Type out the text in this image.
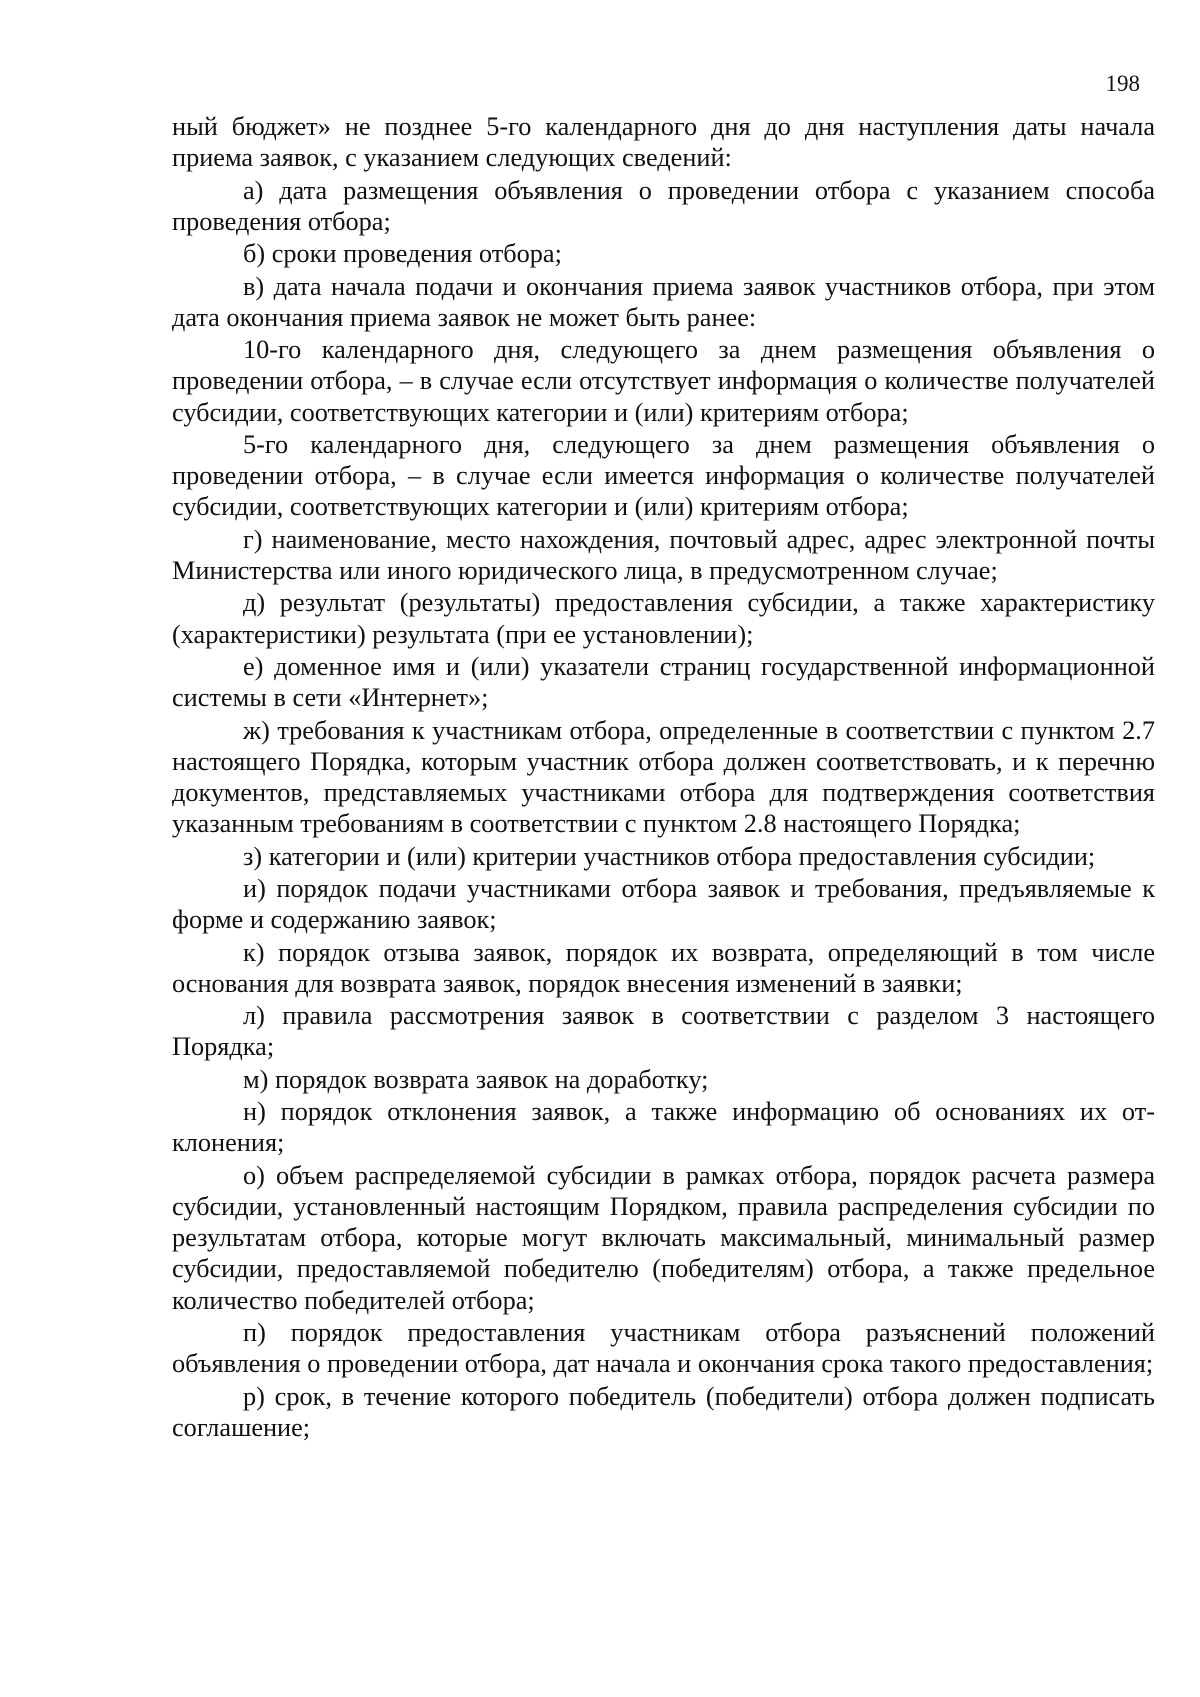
198

ный бюджет» не позднее 5-го календарного дня до дня наступления даты начала приема заявок, с указанием следующих сведений:

а) дата размещения объявления о проведении отбора с указанием способа проведения отбора;

б) сроки проведения отбора;

в) дата начала подачи и окончания приема заявок участников отбора, при этом дата окончания приема заявок не может быть ранее:

10-го календарного дня, следующего за днем размещения объявления о проведении отбора, – в случае если отсутствует информация о количестве получателей субсидии, соответствующих категории и (или) критериям отбора;

5-го календарного дня, следующего за днем размещения объявления о проведении отбора, – в случае если имеется информация о количестве получателей субсидии, соответствующих категории и (или) критериям отбора;

г) наименование, место нахождения, почтовый адрес, адрес электронной почты Министерства или иного юридического лица, в предусмотренном случае;

д) результат (результаты) предоставления субсидии, а также характеристику (характеристики) результата (при ее установлении);

е) доменное имя и (или) указатели страниц государственной информационной системы в сети «Интернет»;

ж) требования к участникам отбора, определенные в соответствии с пунктом 2.7 настоящего Порядка, которым участник отбора должен соответствовать, и к перечню документов, представляемых участниками отбора для подтверждения соответствия указанным требованиям в соответствии с пунктом 2.8 настоящего Порядка;

з) категории и (или) критерии участников отбора предоставления субсидии;

и) порядок подачи участниками отбора заявок и требования, предъявляемые к форме и содержанию заявок;

к) порядок отзыва заявок, порядок их возврата, определяющий в том числе основания для возврата заявок, порядок внесения изменений в заявки;

л) правила рассмотрения заявок в соответствии с разделом 3 настоящего Порядка;

м) порядок возврата заявок на доработку;

н) порядок отклонения заявок, а также информацию об основаниях их отклонения;

о) объем распределяемой субсидии в рамках отбора, порядок расчета размера субсидии, установленный настоящим Порядком, правила распределения субсидии по результатам отбора, которые могут включать максимальный, минимальный размер субсидии, предоставляемой победителю (победителям) отбора, а также предельное количество победителей отбора;

п) порядок предоставления участникам отбора разъяснений положений объявления о проведении отбора, дат начала и окончания срока такого предоставления;

р) срок, в течение которого победитель (победители) отбора должен подписать соглашение;
